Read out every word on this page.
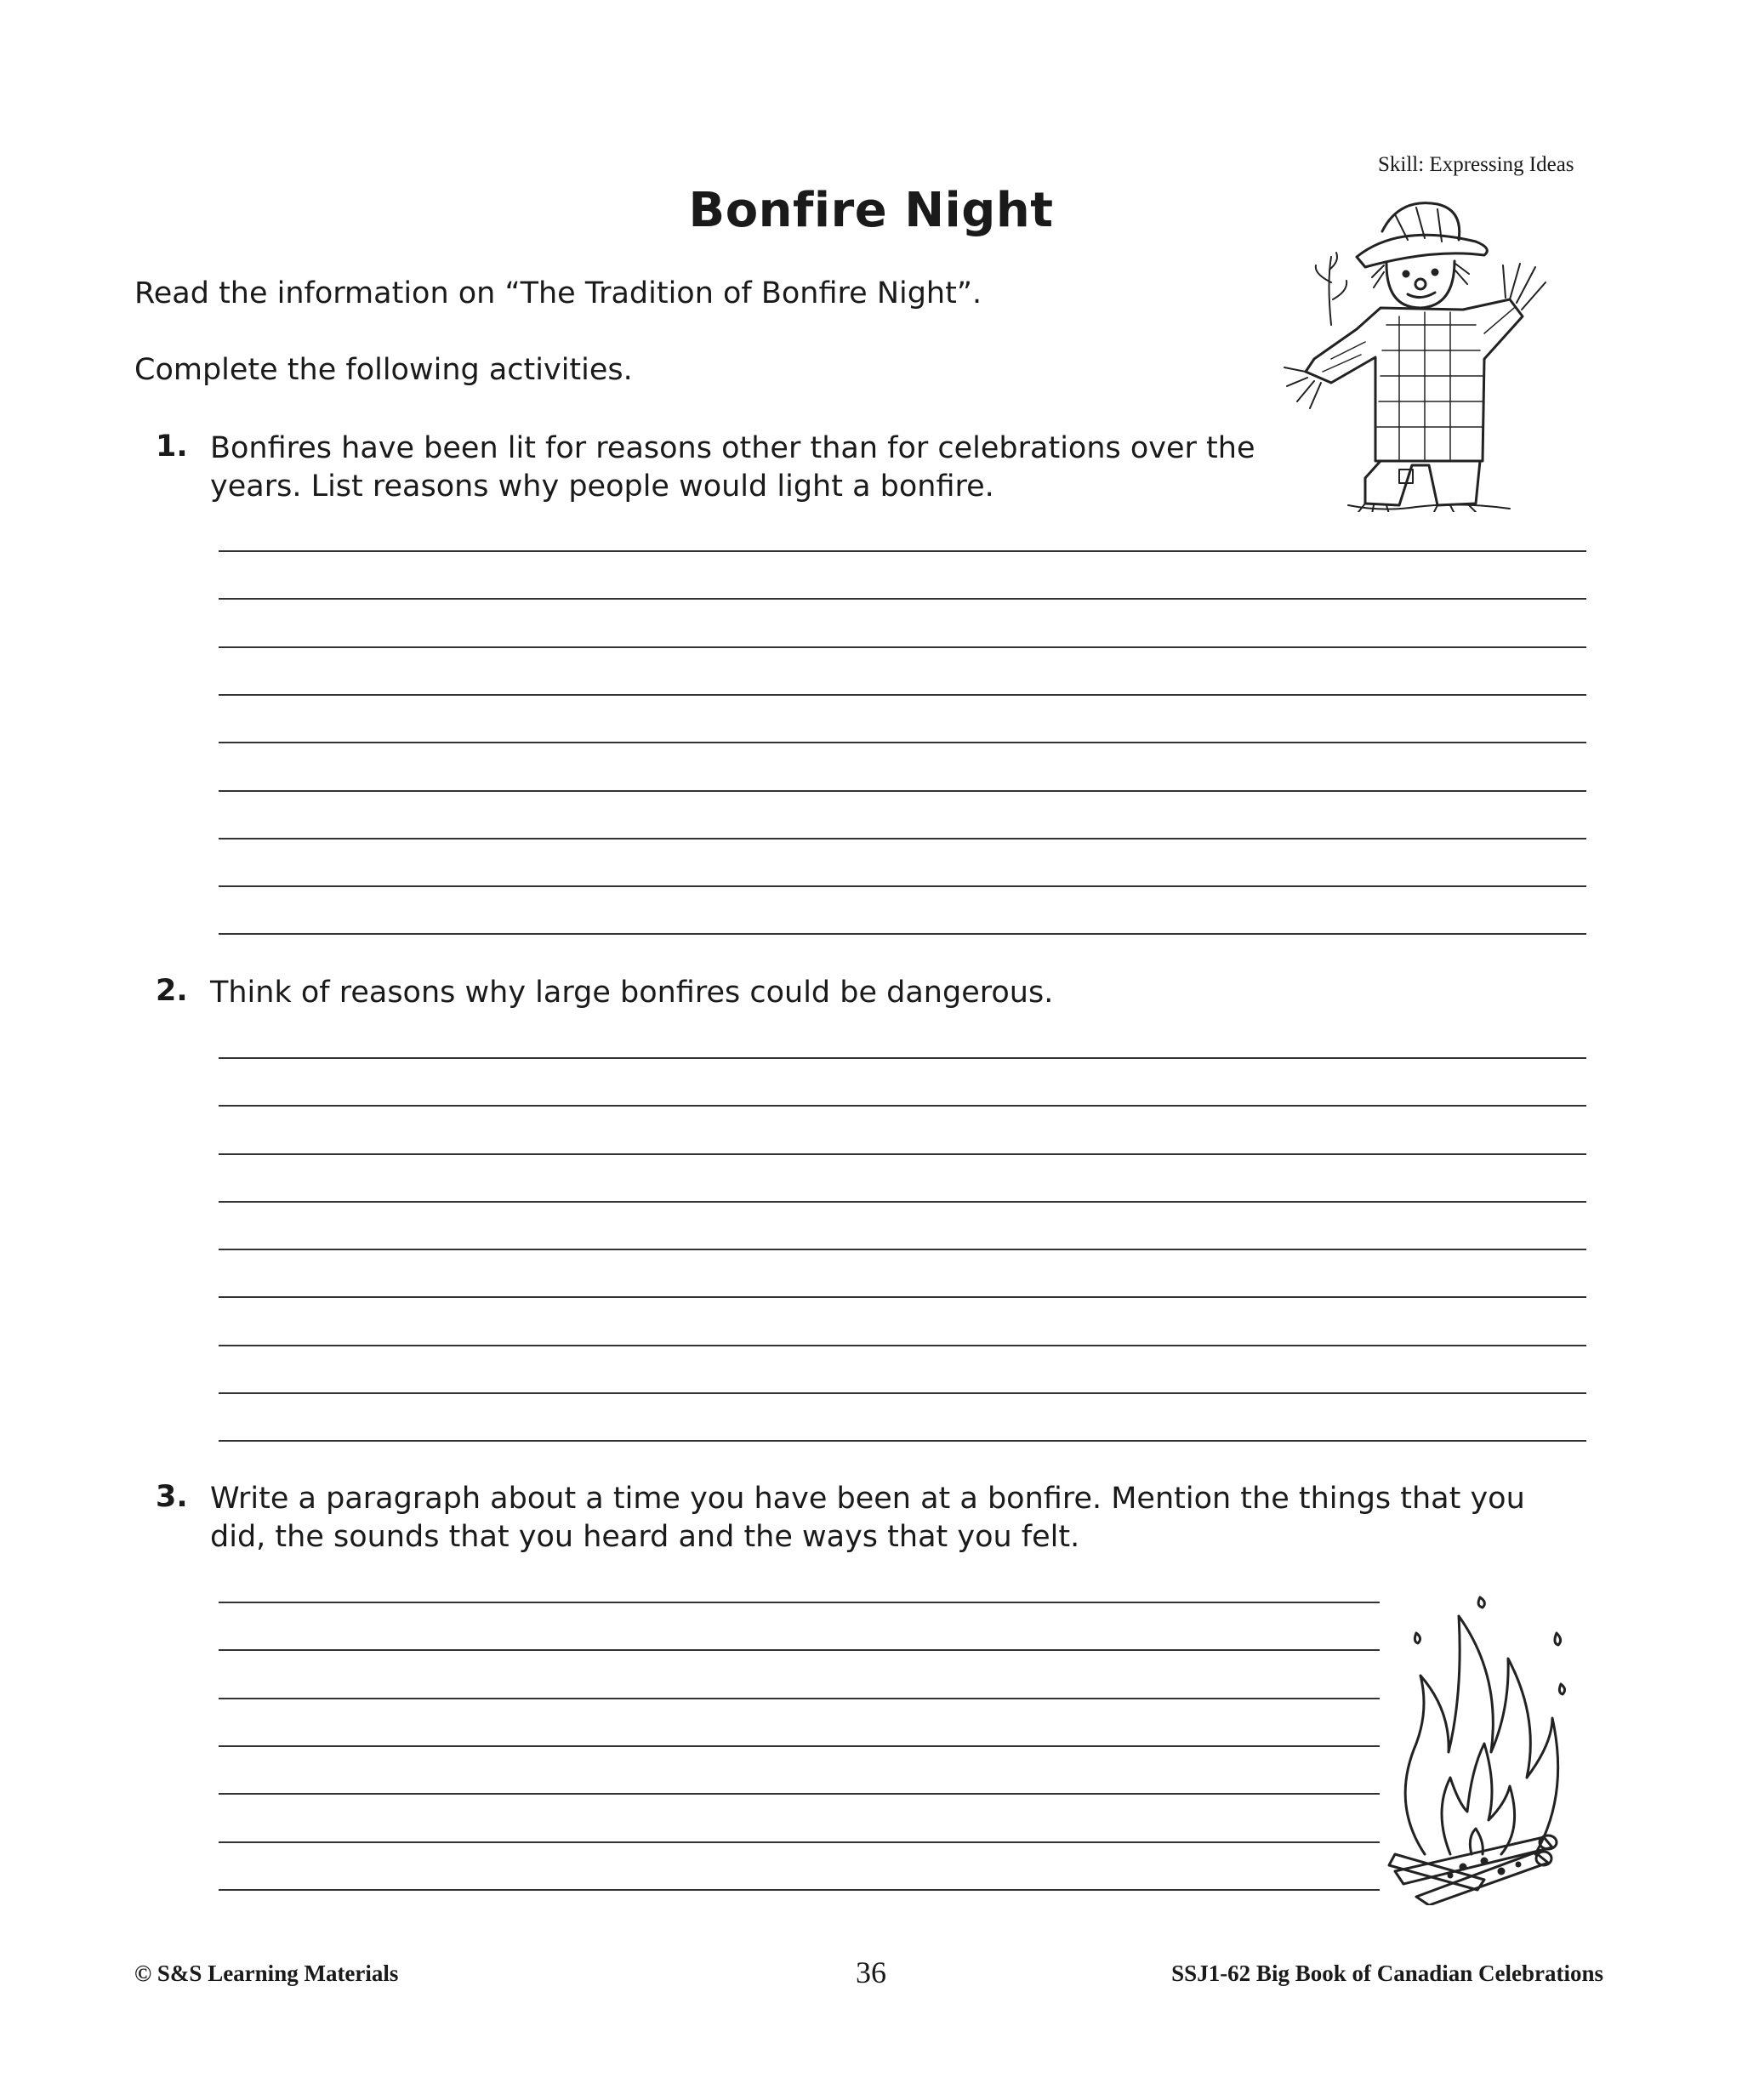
Skill: Expressing Ideas
Bonfire Night
Read the information on “The Tradition of Bonfire Night”.
Complete the following activities.
1. Bonfires have been lit for reasons other than for celebrations over the
years. List reasons why people would light a bonfire.
2. Think of reasons why large bonfires could be dangerous.
3. Write a paragraph about a time you have been at a bonfire. Mention the things that you
did, the sounds that you heard and the ways that you felt.
© S&S Learning Materials	36	SSJ1-62 Big Book of Canadian Celebrations
